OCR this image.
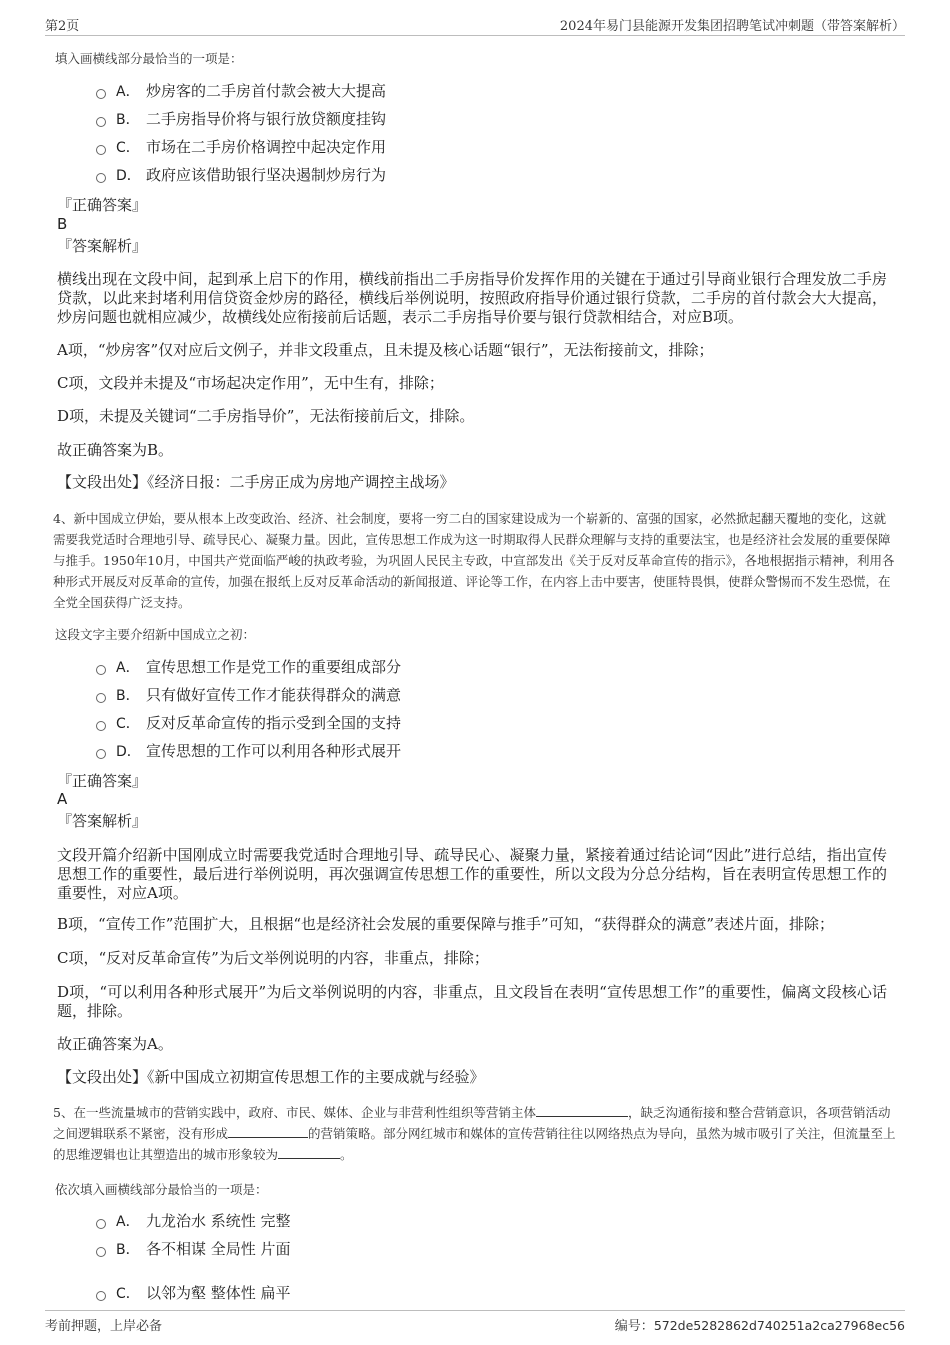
第2页	2024年易门县能源开发集团招聘笔试冲刺题（带答案解析）
填入画横线部分最恰当的一项是：
A． 炒房客的二手房首付款会被大大提高
B． 二手房指导价将与银行放贷额度挂钩
C． 市场在二手房价格调控中起决定作用
D． 政府应该借助银行坚决遏制炒房行为
『正确答案』
B
『答案解析』
横线出现在文段中间，起到承上启下的作用，横线前指出二手房指导价发挥作用的关键在于通过引导商业银行合理发放二手房贷款，以此来封堵利用信贷资金炒房的路径，横线后举例说明，按照政府指导价通过银行贷款，二手房的首付款会大大提高，炒房问题也就相应减少，故横线处应衔接前后话题，表示二手房指导价要与银行贷款相结合，对应B项。
A项，“炒房客”仅对应后文例子，并非文段重点，且未提及核心话题“银行”，无法衔接前文，排除；
C项，文段并未提及“市场起决定作用”，无中生有，排除；
D项，未提及关键词“二手房指导价”，无法衔接前后文，排除。
故正确答案为B。
【文段出处】《经济日报：二手房正成为房地产调控主战场》
4、新中国成立伊始，要从根本上改变政治、经济、社会制度，要将一穷二白的国家建设成为一个崭新的、富强的国家，必然掀起翻天覆地的变化，这就需要我党适时合理地引导、疏导民心、凝聚力量。因此，宣传思想工作成为这一时期取得人民群众理解与支持的重要法宝，也是经济社会发展的重要保障与推手。1950年10月，中国共产党面临严峻的执政考验，为巩固人民民主专政，中宣部发出《关于反对反革命宣传的指示》，各地根据指示精神，利用各种形式开展反对反革命的宣传，加强在报纸上反对反革命活动的新闻报道、评论等工作，在内容上击中要害，使匪特畏惧，使群众警惕而不发生恐慌，在全党全国获得广泛支持。
这段文字主要介绍新中国成立之初：
A． 宣传思想工作是党工作的重要组成部分
B． 只有做好宣传工作才能获得群众的满意
C． 反对反革命宣传的指示受到全国的支持
D． 宣传思想的工作可以利用各种形式展开
『正确答案』
A
『答案解析』
文段开篇介绍新中国刚成立时需要我党适时合理地引导、疏导民心、凝聚力量，紧接着通过结论词“因此”进行总结，指出宣传思想工作的重要性，最后进行举例说明，再次强调宣传思想工作的重要性，所以文段为分总分结构，旨在表明宣传思想工作的重要性，对应A项。
B项，“宣传工作”范围扩大，且根据“也是经济社会发展的重要保障与推手”可知，“获得群众的满意”表述片面，排除；
C项，“反对反革命宣传”为后文举例说明的内容，非重点，排除；
D项，“可以利用各种形式展开”为后文举例说明的内容，非重点，且文段旨在表明“宣传思想工作”的重要性，偏离文段核心话题，排除。
故正确答案为A。
【文段出处】《新中国成立初期宣传思想工作的主要成就与经验》
5、在一些流量城市的营销实践中，政府、市民、媒体、企业与非营利性组织等营销主体	，缺乏沟通衔接和整合营销意识，各项营销活动之间逻辑联系不紧密，没有形成	的营销策略。部分网红城市和媒体的宣传营销往往以网络热点为导向，虽然为城市吸引了关注，但流量至上的思维逻辑也让其塑造出的城市形象较为	。
依次填入画横线部分最恰当的一项是：
A． 九龙治水 系统性 完整
B． 各不相谋 全局性 片面
C． 以邻为壑 整体性 扁平
考前押题，上岸必备	编号：572de5282862d740251a2ca27968ec56
